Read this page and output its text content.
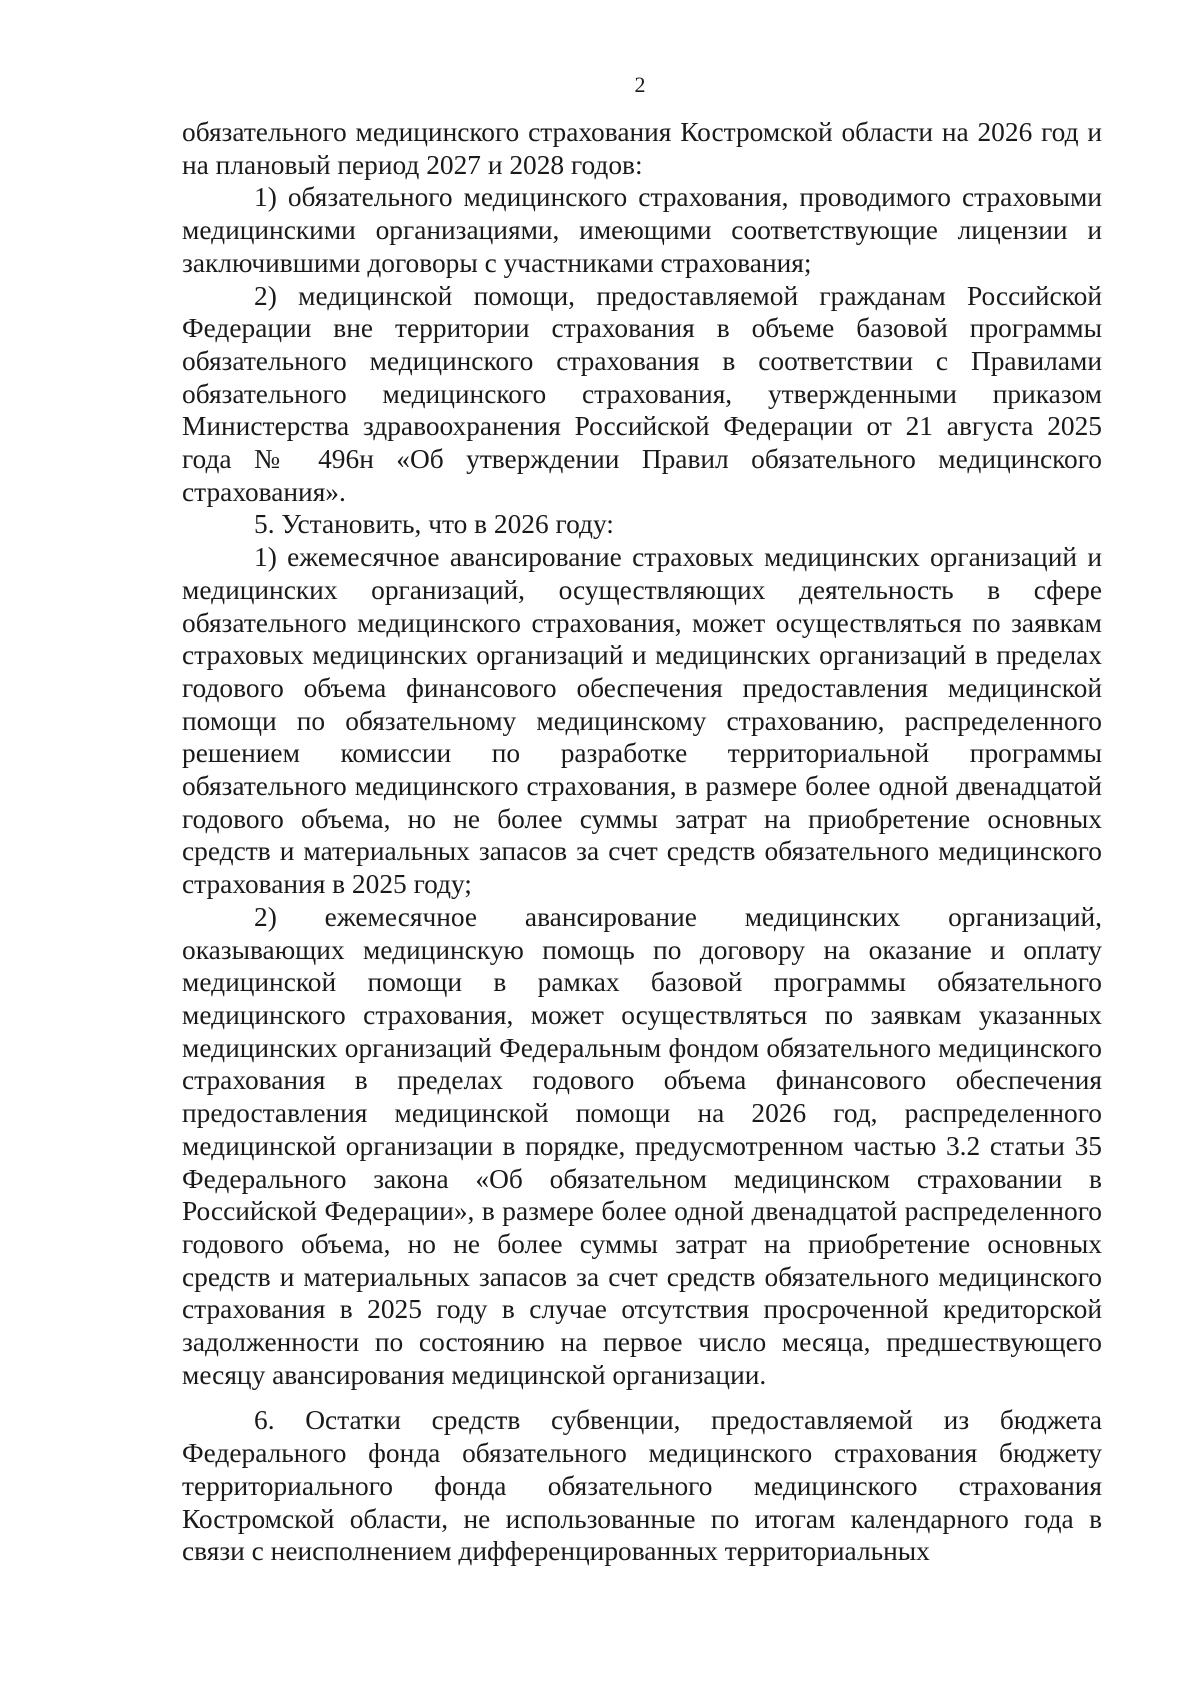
2

обязательного медицинского страхования Костромской области на 2026 год и на плановый период 2027 и 2028 годов:

1) обязательного медицинского страхования, проводимого страховыми медицинскими организациями, имеющими соответствующие лицензии и заключившими договоры с участниками страхования;

2) медицинской помощи, предоставляемой гражданам Российской Федерации вне территории страхования в объеме базовой программы обязательного медицинского страхования в соответствии с Правилами обязательного медицинского страхования, утвержденными приказом Министерства здравоохранения Российской Федерации от 21 августа 2025 года № 496н «Об утверждении Правил обязательного медицинского страхования».

5. Установить, что в 2026 году:

1) ежемесячное авансирование страховых медицинских организаций и медицинских организаций, осуществляющих деятельность в сфере обязательного медицинского страхования, может осуществляться по заявкам страховых медицинских организаций и медицинских организаций в пределах годового объема финансового обеспечения предоставления медицинской помощи по обязательному медицинскому страхованию, распределенного решением комиссии по разработке территориальной программы обязательного медицинского страхования, в размере более одной двенадцатой годового объема, но не более суммы затрат на приобретение основных средств и материальных запасов за счет средств обязательного медицинского страхования в 2025 году;

2) ежемесячное авансирование медицинских организаций, оказывающих медицинскую помощь по договору на оказание и оплату медицинской помощи в рамках базовой программы обязательного медицинского страхования, может осуществляться по заявкам указанных медицинских организаций Федеральным фондом обязательного медицинского страхования в пределах годового объема финансового обеспечения предоставления медицинской помощи на 2026 год, распределенного медицинской организации в порядке, предусмотренном частью 3.2 статьи 35 Федерального закона «Об обязательном медицинском страховании в Российской Федерации», в размере более одной двенадцатой распределенного годового объема, но не более суммы затрат на приобретение основных средств и материальных запасов за счет средств обязательного медицинского страхования в 2025 году в случае отсутствия просроченной кредиторской задолженности по состоянию на первое число месяца, предшествующего месяцу авансирования медицинской организации.

6. Остатки средств субвенции, предоставляемой из бюджета Федерального фонда обязательного медицинского страхования бюджету территориального фонда обязательного медицинского страхования Костромской области, не использованные по итогам календарного года в связи с неисполнением дифференцированных территориальных
